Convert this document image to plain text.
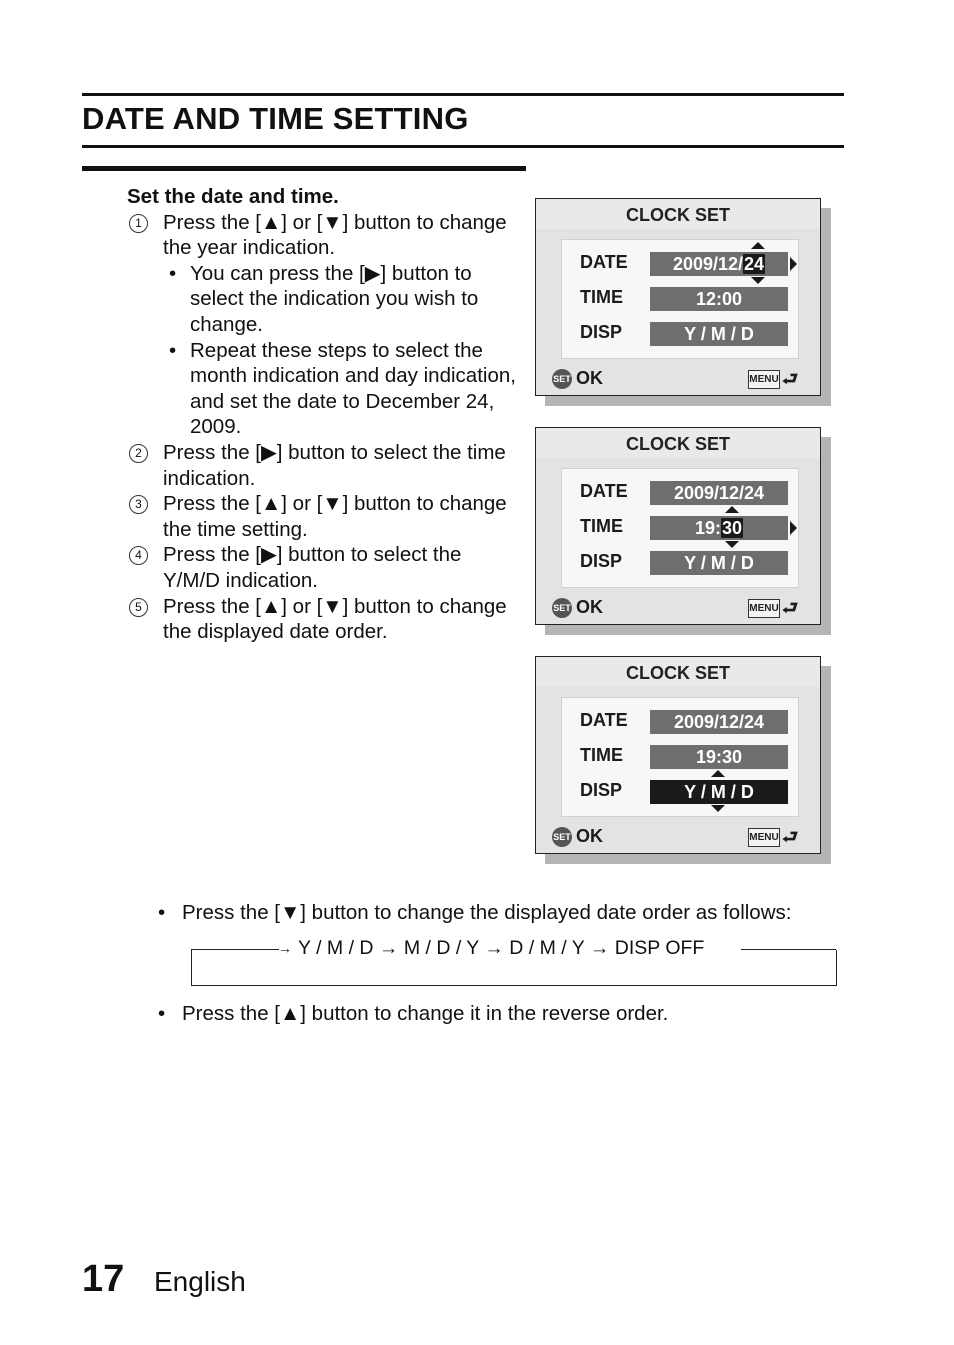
DATE AND TIME SETTING
Set the date and time.
1	Press the [▲] or [▼] button to change the year indication.
• You can press the [▶] button to select the indication you wish to change.
• Repeat these steps to select the month indication and day indication, and set the date to December 24, 2009.
2	Press the [▶] button to select the time indication.
3	Press the [▲] or [▼] button to change the time setting.
4	Press the [▶] button to select the Y/M/D indication.
5	Press the [▲] or [▼] button to change the displayed date order.
CLOCK SET
DATE	2009/12/24
TIME	12:00
DISP	Y / M / D
SET OK	MENU ⮐
CLOCK SET
DATE	2009/12/24
TIME	19:30
DISP	Y / M / D
SET OK	MENU ⮐
CLOCK SET
DATE	2009/12/24
TIME	19:30
DISP	Y / M / D
SET OK	MENU ⮐
• Press the [▼] button to change the displayed date order as follows:
→ Y / M / D → M / D / Y → D / M / Y → DISP OFF
• Press the [▲] button to change it in the reverse order.
17 English
